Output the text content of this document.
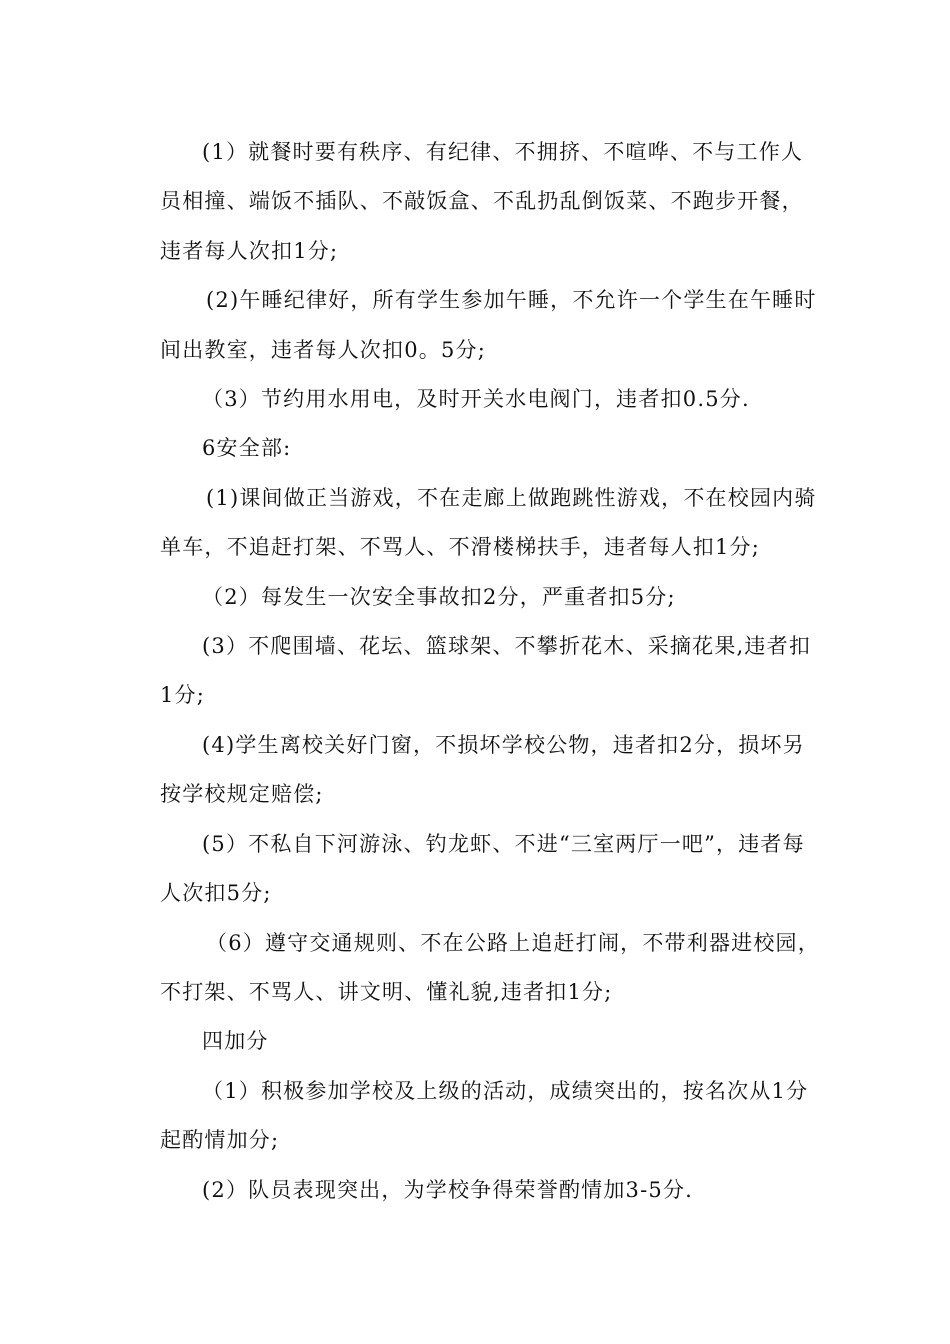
(1）就餐时要有秩序、有纪律、不拥挤、不喧哗、不与工作人员相撞、端饭不插队、不敲饭盒、不乱扔乱倒饭菜、不跑步开餐，违者每人次扣1分;

(2)午睡纪律好，所有学生参加午睡，不允许一个学生在午睡时间出教室，违者每人次扣0。5分;

（3）节约用水用电，及时开关水电阀门，违者扣0.5分.

6安全部:

(1)课间做正当游戏，不在走廊上做跑跳性游戏，不在校园内骑单车，不追赶打架、不骂人、不滑楼梯扶手，违者每人扣1分;

（2）每发生一次安全事故扣2分，严重者扣5分;

(3）不爬围墙、花坛、篮球架、不攀折花木、采摘花果,违者扣1分;

(4)学生离校关好门窗，不损坏学校公物，违者扣2分，损坏另按学校规定赔偿;

(5）不私自下河游泳、钓龙虾、不进“三室两厅一吧”，违者每人次扣5分;

（6）遵守交通规则、不在公路上追赶打闹，不带利器进校园，不打架、不骂人、讲文明、懂礼貌,违者扣1分;

四加分

（1）积极参加学校及上级的活动，成绩突出的，按名次从1分起酌情加分;

(2）队员表现突出，为学校争得荣誉酌情加3-5分.
